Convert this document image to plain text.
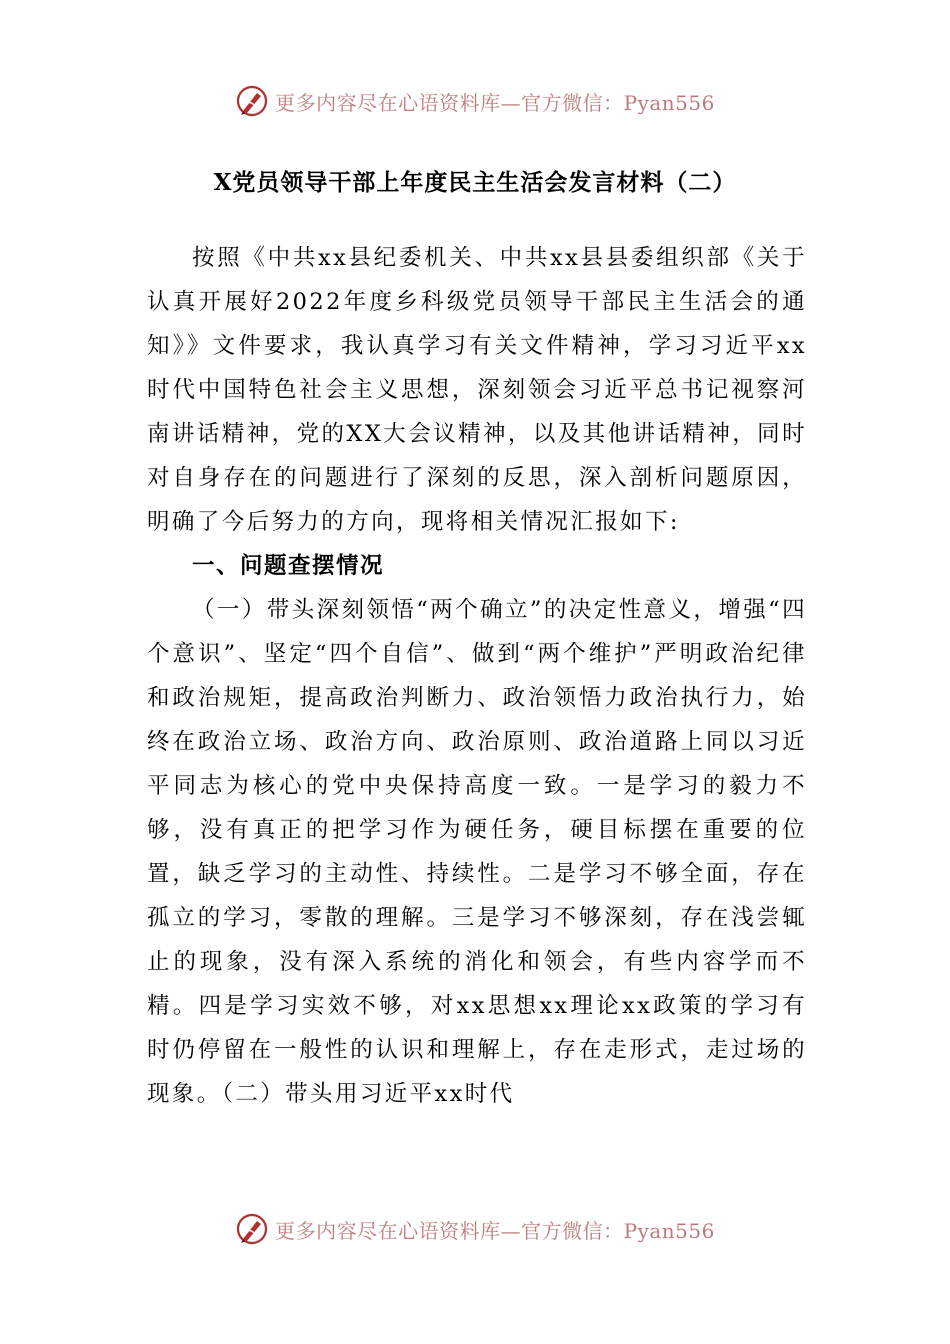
更多内容尽在心语资料库—官方微信：Pyan556
X党员领导干部上年度民主生活会发言材料（二）

按照《中共xx县纪委机关、中共xx县县委组织部《关于认真开展好2022年度乡科级党员领导干部民主生活会的通知》》文件要求，我认真学习有关文件精神，学习习近平xx时代中国特色社会主义思想，深刻领会习近平总书记视察河南讲话精神，党的XX大会议精神，以及其他讲话精神，同时对自身存在的问题进行了深刻的反思，深入剖析问题原因，明确了今后努力的方向，现将相关情况汇报如下:

一、问题查摆情况

（一）带头深刻领悟“两个确立”的决定性意义，增强“四个意识”、坚定“四个自信”、做到“两个维护”严明政治纪律和政治规矩，提高政治判断力、政治领悟力政治执行力，始终在政治立场、政治方向、政治原则、政治道路上同以习近平同志为核心的党中央保持高度一致。一是学习的毅力不够，没有真正的把学习作为硬任务，硬目标摆在重要的位置，缺乏学习的主动性、持续性。二是学习不够全面，存在孤立的学习，零散的理解。三是学习不够深刻，存在浅尝辄止的现象，没有深入系统的消化和领会，有些内容学而不精。四是学习实效不够，对xx思想xx理论xx政策的学习有时仍停留在一般性的认识和理解上，存在走形式，走过场的现象。（二）带头用习近平xx时代

更多内容尽在心语资料库—官方微信：Pyan556
